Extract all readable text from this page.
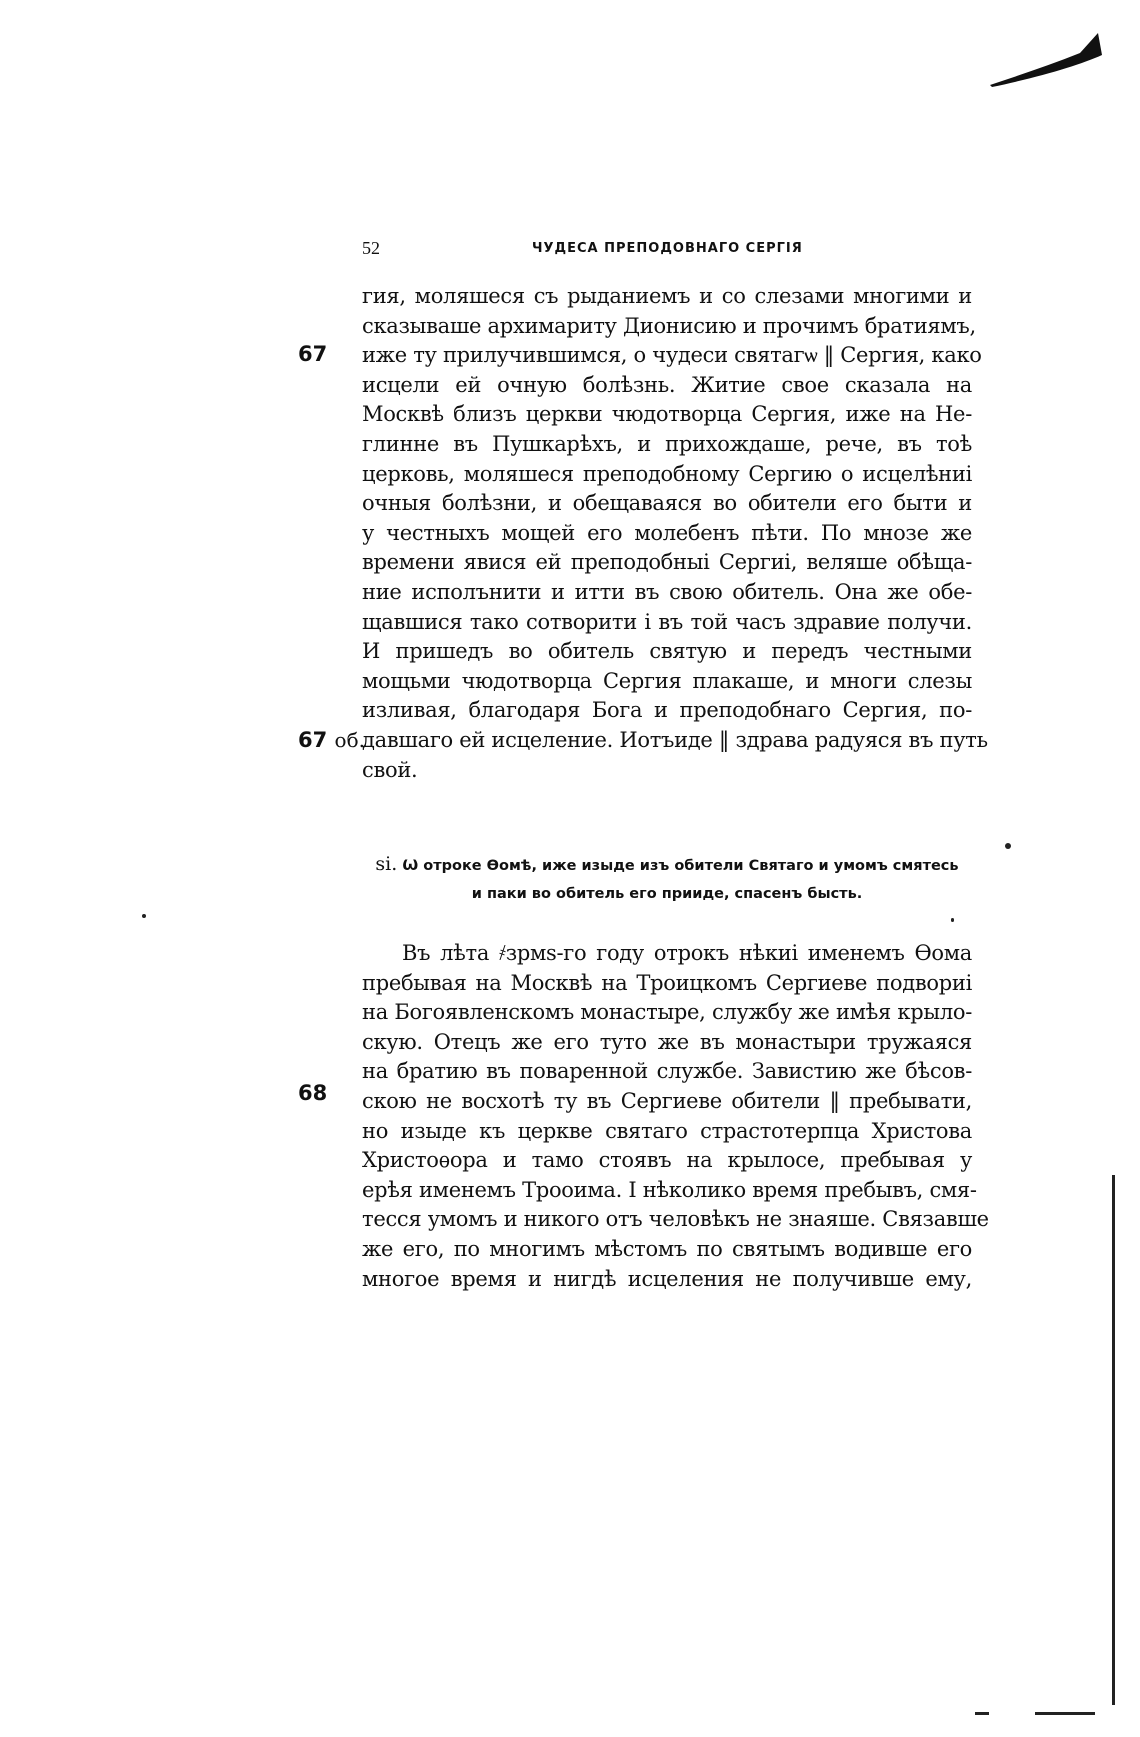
52	ЧУДЕСА ПРЕПОДОВНАГО СЕРГІЯ
67
67 об.
68
гия, моляшеся съ рыданиемъ и со слезами многими и
сказываше архимариту Дионисию и прочимъ братиямъ,
иже ту прилучившимся, о чудеси святагѡ ‖ Сергия, како
исцели ей очную болѣзнь. Житие свое сказала на
Москвѣ близъ церкви чюдотворца Сергия, иже на Не-
глинне въ Пушкарѣхъ, и прихождаше, рече, въ тоѣ
церковь, моляшеся преподобному Сергию о исцелѣниі
очныя болѣзни, и обещаваяся во обители его быти и
у честныхъ мощей его молебенъ пѣти. По мнозе же
времени явися ей преподобныі Сергиі, веляше обѣща-
ние исполънити и итти въ свою обитель. Она же обе-
щавшися тако сотворити і въ той часъ здравие получи.
И пришедъ во обитель святую и передъ честными
мощьми чюдотворца Сергия плакаше, и многи слезы
изливая, благодаря Бога и преподобнаго Сергия, по-
давшаго ей исцеление. Иотъиде ‖ здрава радуяся въ путь
свой.
ѕі. Ѡ отроке Ѳомѣ, иже изыде изъ обители Святаго и умомъ смятесь
и паки во обитель его прииде, спасенъ бысть.
Въ лѣта ҂зрмѕ-го году отрокъ нѣкиі именемъ Ѳома
пребывая на Москвѣ на Троицкомъ Сергиеве подвориі
на Богоявленскомъ монастыре, службу же имѣя крыло-
скую. Отецъ же его туто же въ монастыри тружаяся
на братию въ поваренной службе. Завистию же бѣсов-
скою не восхотѣ ту въ Сергиеве обители ‖ пребывати,
но изыде къ церкве святаго страстотерпца Христова
Христоѳора и тамо стоявъ на крылосе, пребывая у
ерѣя именемъ Трооима. І нѣколико время пребывъ, смя-
тесся умомъ и никого отъ человѣкъ не знаяше. Связавше
же его, по многимъ мѣстомъ по святымъ водивше его
многое время и нигдѣ исцеления не получивше ему,
